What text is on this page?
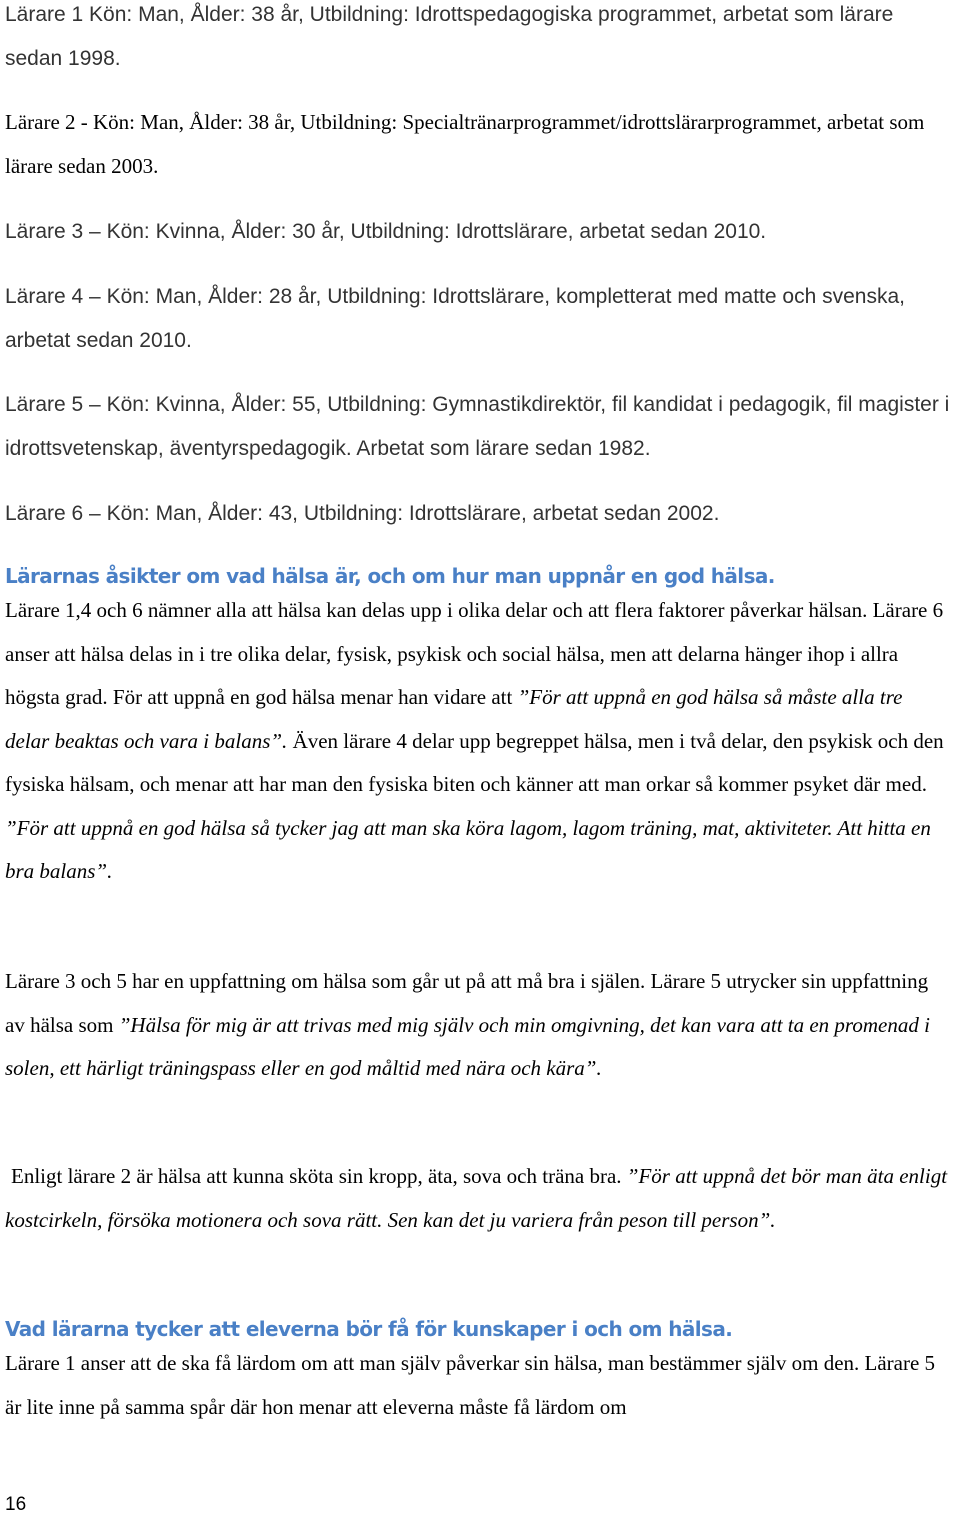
Lärare 1 Kön: Man, Ålder: 38 år, Utbildning: Idrottspedagogiska programmet, arbetat som lärare sedan 1998.

Lärare 2 - Kön: Man, Ålder: 38 år, Utbildning: Specialtränarprogrammet/idrottslärarprogrammet, arbetat som lärare sedan 2003.

Lärare 3 – Kön: Kvinna, Ålder: 30 år, Utbildning: Idrottslärare, arbetat sedan 2010.

Lärare 4 – Kön: Man, Ålder: 28 år, Utbildning: Idrottslärare, kompletterat med matte och svenska, arbetat sedan 2010.

Lärare 5 – Kön: Kvinna, Ålder: 55, Utbildning: Gymnastikdirektör, fil kandidat i pedagogik, fil magister i idrottsvetenskap, äventyrspedagogik. Arbetat som lärare sedan 1982.

Lärare 6 – Kön: Man, Ålder: 43, Utbildning: Idrottslärare, arbetat sedan 2002.

Lärarnas åsikter om vad hälsa är, och om hur man uppnår en god hälsa.

Lärare 1,4 och 6 nämner alla att hälsa kan delas upp i olika delar och att flera faktorer påverkar hälsan. Lärare 6 anser att hälsa delas in i tre olika delar, fysisk, psykisk och social hälsa, men att delarna hänger ihop i allra högsta grad. För att uppnå en god hälsa menar han vidare att ”För att uppnå en god hälsa så måste alla tre delar beaktas och vara i balans”. Även lärare 4 delar upp begreppet hälsa, men i två delar, den psykisk och den fysiska hälsam, och menar att har man den fysiska biten och känner att man orkar så kommer psyket där med. ”För att uppnå en god hälsa så tycker jag att man ska köra lagom, lagom träning, mat, aktiviteter. Att hitta en bra balans”.

Lärare 3 och 5 har en uppfattning om hälsa som går ut på att må bra i själen. Lärare 5 utrycker sin uppfattning av hälsa som ”Hälsa för mig är att trivas med mig själv och min omgivning, det kan vara att ta en promenad i solen, ett härligt träningspass eller en god måltid med nära och kära”.

Enligt lärare 2 är hälsa att kunna sköta sin kropp, äta, sova och träna bra. ”För att uppnå det bör man äta enligt kostcirkeln, försöka motionera och sova rätt. Sen kan det ju variera från peson till person”.

Vad lärarna tycker att eleverna bör få för kunskaper i och om hälsa.

Lärare 1 anser att de ska få lärdom om att man själv påverkar sin hälsa, man bestämmer själv om den. Lärare 5 är lite inne på samma spår där hon menar att eleverna måste få lärdom om

16
